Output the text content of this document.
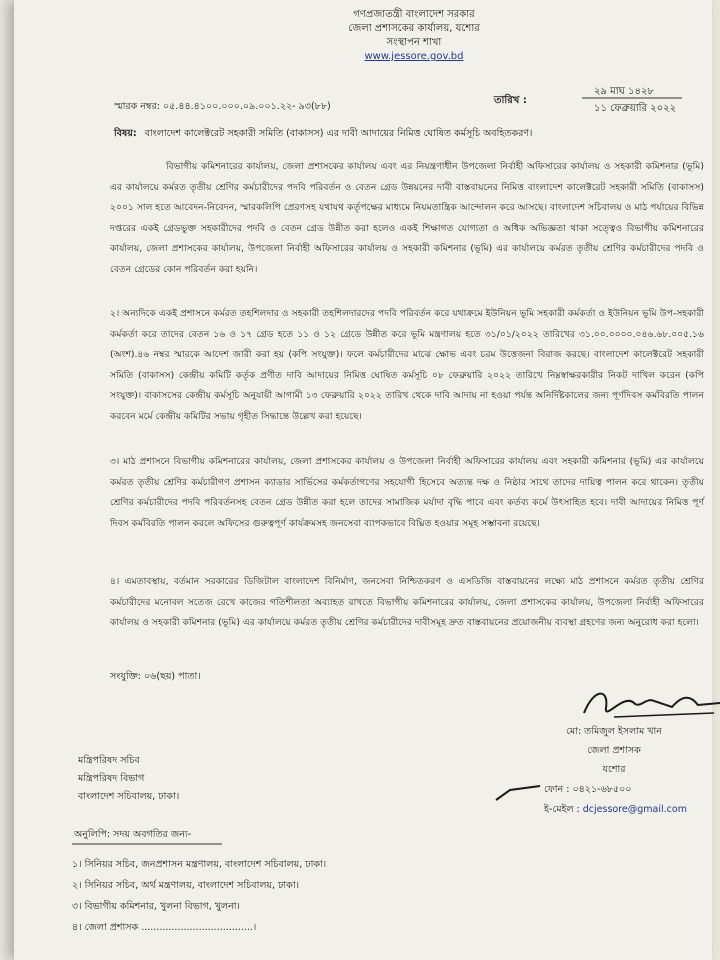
গণপ্রজাতন্ত্রী বাংলাদেশ সরকার
জেলা প্রশাসকের কার্যালয়, যশোর
সংস্থাপন শাখা
www.jessore.gov.bd
স্মারক নম্বর: ০৫.৪৪.৪১০০.০০০.০৯.০০১.২২- ৯৩(৮৮)
তারিখ :
২৯ মাঘ ১৪২৮
১১ ফেব্রুয়ারি ২০২২
বিষয়: বাংলাদেশ কালেক্টরেট সহকারী সমিতি (বাকাসস) এর দাবী আদায়ের নিমিত্ত ঘোষিত কর্মসূচি অবহিতকরণ।
বিভাগীয় কমিশনারের কার্যালয়, জেলা প্রশাসকের কার্যালয় এবং এর নিয়ন্ত্রণাধীন উপজেলা নির্বাহী অফিসারের কার্যালয় ও সহকারী কমিশনার (ভূমি) এর কার্যালয়ে কর্মরত তৃতীয় শ্রেণির কর্মচারীদের পদবি পরিবর্তন ও বেতন গ্রেড উন্নয়নের দাবী বাস্তবায়নের নিমিত্ত বাংলাদেশ কালেক্টরেট সহকারী সমিতি (বাকাসস) ২০০১ সাল হতে আবেদন-নিবেদন, স্মারকলিপি প্রেরণসহ যথাযথ কর্তৃপক্ষের মাধ্যমে নিয়মতান্ত্রিক আন্দোলন করে আসছে। বাংলাদেশ সচিবালয় ও মাঠ পর্যায়ের বিভিন্ন দপ্তরের একই গ্রেডভুক্ত সহকারীদের পদবি ও বেতন গ্রেড উন্নীত করা হলেও একই শিক্ষাগত যোগ্যতা ও অধিক অভিজ্ঞতা থাকা সত্ত্বেও বিভাগীয় কমিশনারের কার্যালয়, জেলা প্রশাসকের কার্যালয়, উপজেলা নির্বাহী অফিসারের কার্যালয় ও সহকারী কমিশনার (ভূমি) এর কার্যালয়ে কর্মরত তৃতীয় শ্রেণির কর্মচারীদের পদবি ও বেতন গ্রেডের কোন পরিবর্তন করা হয়নি।
২। অন্যদিকে একই প্রশাসনে কর্মরত তহশিলদার ও সহকারী তহশিলদারদের পদবি পরিবর্তন করে যথাক্রমে ইউনিয়ন ভূমি সহকারী কর্মকর্তা ও ইউনিয়ন ভূমি উপ-সহকারী কর্মকর্তা করে তাদের বেতন ১৬ ও ১৭ গ্রেড হতে ১১ ও ১২ গ্রেডে উন্নীত করে ভূমি মন্ত্রণালয় হতে ৩১/০১/২০২২ তারিখের ৩১.০০.০০০০.০৪৬.৬৮.০০৫.১৬ (অংশ).৪৬ নম্বর স্মারকে আদেশ জারী করা হয় (কপি সংযুক্ত)। ফলে কর্মচারীদের মাঝে ক্ষোভ এবং চরম উত্তেজনা বিরাজ করছে। বাংলাদেশ কালেক্টরেট সহকারী সমিতি (বাকাসস) কেন্দ্রীয় কমিটি কর্তৃক প্রণীত দাবি আদায়ের নিমিত্ত ঘোষিত কর্মসূচি ০৮ ফেব্রুয়ারি ২০২২ তারিখে নিম্নস্বাক্ষরকারীর নিকট দাখিল করেন (কপি সংযুক্ত)। বাকাসসের কেন্দ্রীয় কর্মসূচি অনুযায়ী আগামী ১৩ ফেব্রুয়ারি ২০২২ তারিখ থেকে দাবি আদায় না হওয়া পর্যন্ত অনির্দিষ্টকালের জন্য পূর্ণদিবস কর্মবিরতি পালন করবেন মর্মে কেন্দ্রীয় কমিটির সভায় গৃহীত সিদ্ধান্তে উল্লেখ করা হয়েছে।
৩। মাঠ প্রশাসনে বিভাগীয় কমিশনারের কার্যালয়, জেলা প্রশাসকের কার্যালয় ও উপজেলা নির্বাহী অফিসারের কার্যালয় এবং সহকারী কমিশনার (ভূমি) এর কার্যালয়ে কর্মরত তৃতীয় শ্রেণির কর্মচারীগণ প্রশাসন ক্যাডার সার্ভিসের কর্মকর্তাগণের সহযোগী হিসেবে অত্যন্ত দক্ষ ও নিষ্ঠার সাথে তাদের দায়িত্ব পালন করে থাকেন। তৃতীয় শ্রেণির কর্মচারীদের পদবি পরিবর্তনসহ বেতন গ্রেড উন্নীত করা হলে তাদের সামাজিক মর্যাদা বৃদ্ধি পাবে এবং কর্তব্য কর্মে উৎসাহিত হবে। দাবী আদায়ের নিমিত্ত পূর্ণ দিবস কর্মবিরতি পালন করলে অফিসের গুরুত্বপূর্ণ কার্যক্রমসহ জনসেবা ব্যাপকভাবে বিঘ্নিত হওয়ার সমূহ সম্ভাবনা রয়েছে।
৪। এমতাবস্থায়, বর্তমান সরকারের ডিজিটাল বাংলাদেশ বিনির্মাণ, জনসেবা নিশ্চিতকরণ ও এসডিজি বাস্তবায়নের লক্ষ্যে মাঠ প্রশাসনে কর্মরত তৃতীয় শ্রেণির কর্মচারীদের মনোবল সতেজ রেখে কাজের গতিশীলতা অব্যাহত রাখতে বিভাগীয় কমিশনারের কার্যালয়, জেলা প্রশাসকের কার্যালয়, উপজেলা নির্বাহী অফিসারের কার্যালয় ও সহকারী কমিশনার (ভূমি) এর কার্যালয়ে কর্মরত তৃতীয় শ্রেণির কর্মচারীদের দাবীসমূহ দ্রুত বাস্তবায়নের প্রয়োজনীয় ব্যবস্থা গ্রহণের জন্য অনুরোধ করা হলো।
সংযুক্তি: ০৬(ছয়) পাতা।
মো: তমিজুল ইসলাম খান
জেলা প্রশাসক
যশোর
মন্ত্রিপরিষদ সচিব
মন্ত্রিপরিষদ বিভাগ
বাংলাদেশ সচিবালয়, ঢাকা।
ফোন : ০৪২১-৬৮৫০০
ই-মেইল : dcjessore@gmail.com
অনুলিপি: সদয় অবগতির জন্য-
১। সিনিয়র সচিব, জনপ্রশাসন মন্ত্রণালয়, বাংলাদেশ সচিবালয়, ঢাকা।
২। সিনিয়র সচিব, অর্থ মন্ত্রণালয়, বাংলাদেশ সচিবালয়, ঢাকা।
৩। বিভাগীয় কমিশনার, খুলনা বিভাগ, খুলনা।
৪। জেলা প্রশাসক .....................................।
